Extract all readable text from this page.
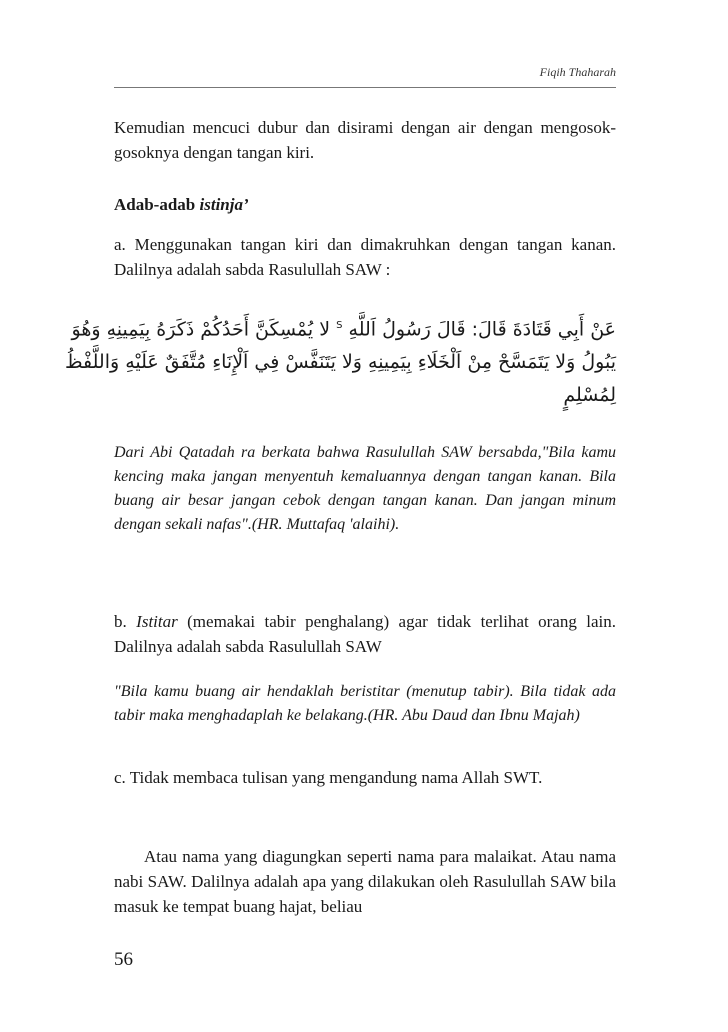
Fiqih Thaharah

Kemudian mencuci dubur dan disirami dengan air dengan mengosok-gosoknya dengan tangan kiri.

Adab-adab istinja’

a. Menggunakan tangan kiri dan dimakruhkan dengan tangan kanan. Dalilnya adalah sabda Rasulullah SAW :

عَنْ أَبِي قَتَادَةَ قَالَ: قَالَ رَسُولُ اَللَّهِ $^S$ لا يُمْسِكَنَّ أَحَدُكُمْ ذَكَرَهُ بِيَمِينِهِ وَهُوَ
يَبُولُ وَلا يَتَمَسَّحْ مِنْ اَلْخَلَاءِ بِيَمِينِهِ وَلا يَتَنَفَّسْ فِي اَلْإِنَاءِ مُتَّفَقٌ عَلَيْهِ وَاللَّفْظُ
لِمُسْلِمٍ

Dari Abi Qatadah ra berkata bahwa Rasulullah SAW bersabda,"Bila kamu kencing maka jangan menyentuh kemaluannya dengan tangan kanan. Bila buang air besar jangan cebok dengan tangan kanan. Dan jangan minum dengan sekali nafas".(HR. Muttafaq 'alaihi).

b. Istitar (memakai tabir penghalang) agar tidak terlihat orang lain. Dalilnya adalah sabda Rasulullah SAW

"Bila kamu buang air hendaklah beristitar (menutup tabir). Bila tidak ada tabir maka menghadaplah ke belakang.(HR. Abu Daud dan Ibnu Majah)

c. Tidak membaca tulisan yang mengandung nama Allah SWT.

Atau nama yang diagungkan seperti nama para malaikat. Atau nama nabi SAW. Dalilnya adalah apa yang dilakukan oleh Rasulullah SAW bila masuk ke tempat buang hajat, beliau

56
